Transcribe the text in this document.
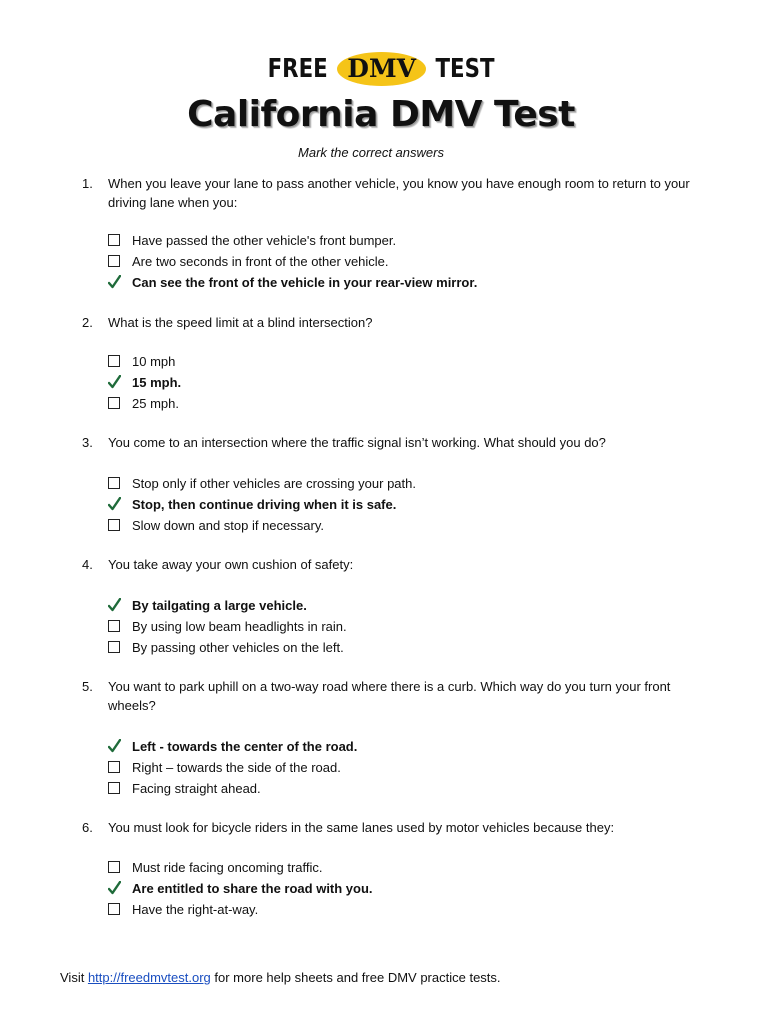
FREE DMV TEST
California DMV Test
Mark the correct answers
1. When you leave your lane to pass another vehicle, you know you have enough room to return to your driving lane when you:
Have passed the other vehicle's front bumper.
Are two seconds in front of the other vehicle.
Can see the front of the vehicle in your rear-view mirror.
2. What is the speed limit at a blind intersection?
10 mph
15 mph.
25 mph.
3. You come to an intersection where the traffic signal isn’t working. What should you do?
Stop only if other vehicles are crossing your path.
Stop, then continue driving when it is safe.
Slow down and stop if necessary.
4. You take away your own cushion of safety:
By tailgating a large vehicle.
By using low beam headlights in rain.
By passing other vehicles on the left.
5. You want to park uphill on a two-way road where there is a curb. Which way do you turn your front wheels?
Left - towards the center of the road.
Right – towards the side of the road.
Facing straight ahead.
6. You must look for bicycle riders in the same lanes used by motor vehicles because they:
Must ride facing oncoming traffic.
Are entitled to share the road with you.
Have the right-at-way.
Visit http://freedmvtest.org for more help sheets and free DMV practice tests.
